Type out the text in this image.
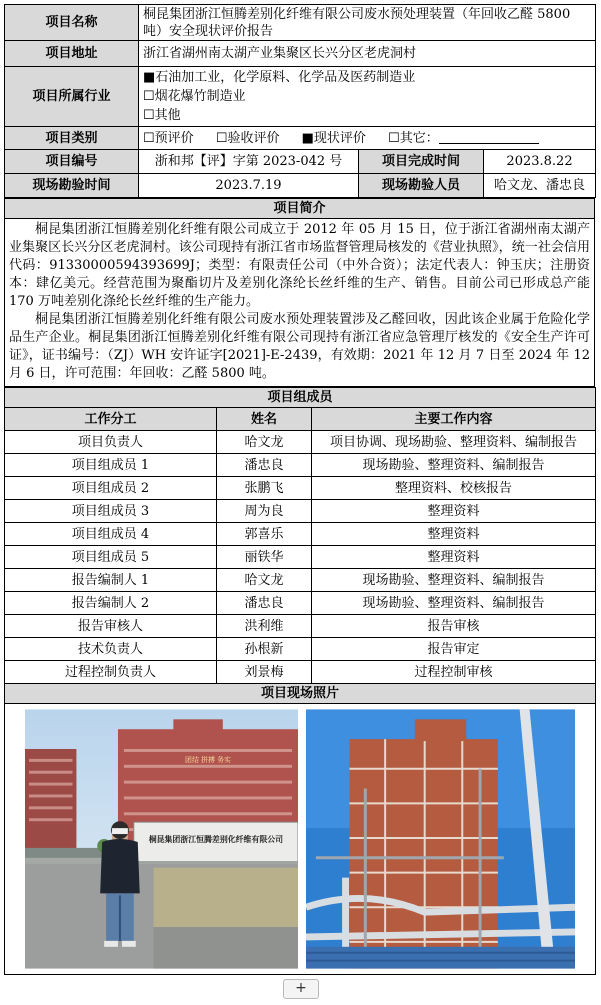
项目名称	桐昆集团浙江恒腾差别化纤维有限公司废水预处理装置（年回收乙醛 5800 吨）安全现状评价报告		
项目地址	浙江省湖州南太湖产业集聚区长兴分区老虎洞村		
项目所属行业	■石油加工业，化学原料、化学品及医药制造业
☐烟花爆竹制造业
☐其他		

项目类别	☐预评价 ☐验收评价 ■现状评价 ☐其它：		
项目编号	浙和邦【评】字第 2023-042 号	项目完成时间	2023.8.22
现场勘验时间	2023.7.19	现场勘验人员	哈文龙、潘忠良
项目简介

桐昆集团浙江恒腾差别化纤维有限公司成立于 2012 年 05 月 15 日，位于浙江省湖州南太湖产业集聚区长兴分区老虎洞村。该公司现持有浙江省市场监督管理局核发的《营业执照》，统一社会信用代码：91330000594393699J；类型：有限责任公司（中外合资）；法定代表人：钟玉庆；注册资本：肆亿美元。经营范围为聚酯切片及差别化涤纶长丝纤维的生产、销售。目前公司已形成总产能 170 万吨差别化涤纶长丝纤维的生产能力。

桐昆集团浙江恒腾差别化纤维有限公司废水预处理装置涉及乙醛回收，因此该企业属于危险化学品生产企业。桐昆集团浙江恒腾差别化纤维有限公司现持有浙江省应急管理厅核发的《安全生产许可证》，证书编号：（ZJ）WH 安许证字[2021]-E-2439，有效期：2021 年 12 月 7 日至 2024 年 12 月 6 日，许可范围：年回收：乙醛 5800 吨。

项目组成员		
工作分工	姓名	主要工作内容
项目负责人	哈文龙	项目协调、现场勘验、整理资料、编制报告
项目组成员 1	潘忠良	现场勘验、整理资料、编制报告
项目组成员 2	张鹏飞	整理资料、校核报告
项目组成员 3	周为良	整理资料
项目组成员 4	郭喜乐	整理资料
项目组成员 5	丽铁华	整理资料
报告编制人 1	哈文龙	现场勘验、整理资料、编制报告
报告编制人 2	潘忠良	现场勘验、整理资料、编制报告
报告审核人	洪利维	报告审核
技术负责人	孙根新	报告审定
过程控制负责人	刘景梅	过程控制审核
项目现场照片		

团结 拼搏 务实
桐昆集团浙江恒腾差别化纤维有限公司		
+
